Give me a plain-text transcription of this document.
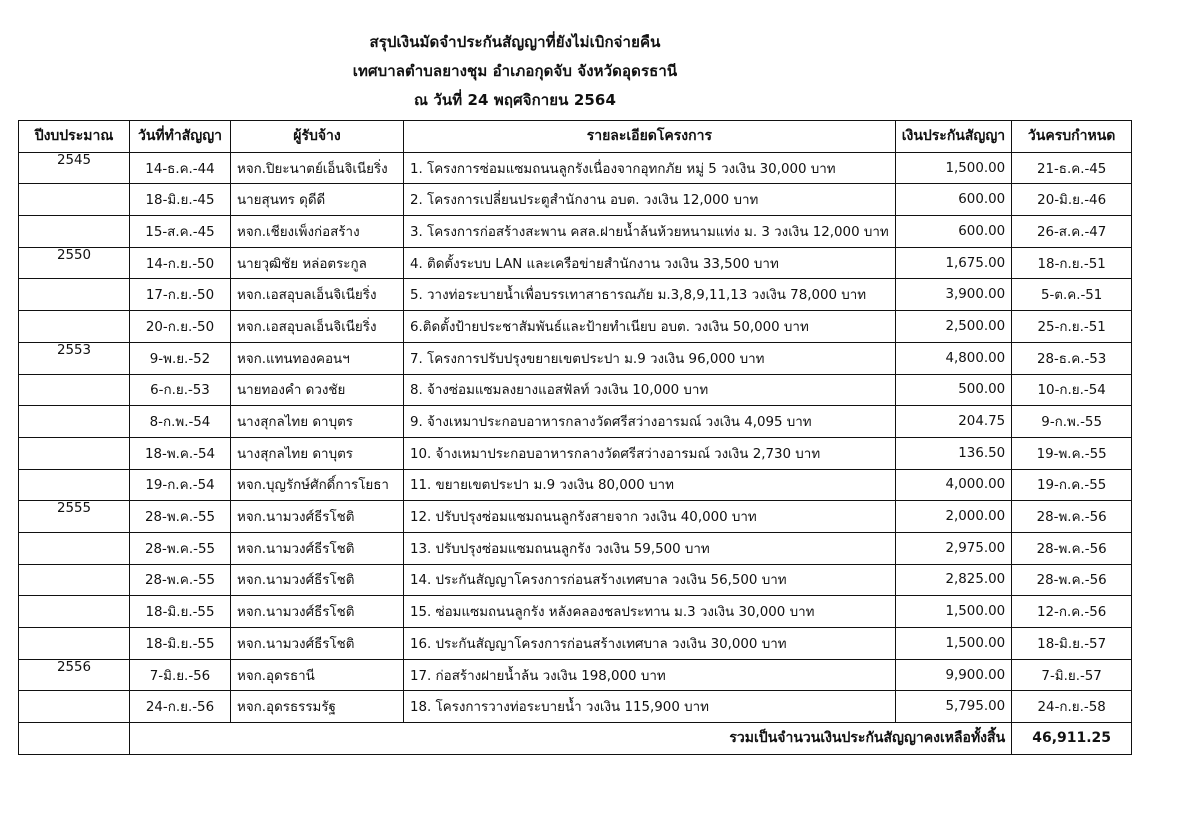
สรุปเงินมัดจำประกันสัญญาที่ยังไม่เบิกจ่ายคืน
เทศบาลตำบลยางชุม อำเภอกุดจับ จังหวัดอุดรธานี
ณ วันที่ 24 พฤศจิกายน 2564
ปีงบประมาณ	วันที่ทำสัญญา	ผู้รับจ้าง	รายละเอียดโครงการ	เงินประกันสัญญา	วันครบกำหนด
2545	14-ธ.ค.-44	หจก.ปิยะนาตย์เอ็นจิเนียริ่ง	1. โครงการซ่อมแซมถนนลูกรังเนื่องจากอุทกภัย หมู่ 5 วงเงิน 30,000 บาท	1,500.00	21-ธ.ค.-45
	18-มิ.ย.-45	นายสุนทร ดุดีดี	2. โครงการเปลี่ยนประตูสำนักงาน อบต. วงเงิน 12,000 บาท	600.00	20-มิ.ย.-46
	15-ส.ค.-45	หจก.เชียงเพ็งก่อสร้าง	3. โครงการก่อสร้างสะพาน คสล.ฝายน้ำล้นห้วยหนามแท่ง ม. 3 วงเงิน 12,000 บาท	600.00	26-ส.ค.-47
2550	14-ก.ย.-50	นายวุฒิชัย หล่อตระกูล	4. ติดตั้งระบบ LAN และเครือข่ายสำนักงาน วงเงิน 33,500 บาท	1,675.00	18-ก.ย.-51
	17-ก.ย.-50	หจก.เอสอุบลเอ็นจิเนียริ่ง	5. วางท่อระบายน้ำเพื่อบรรเทาสาธารณภัย ม.3,8,9,11,13 วงเงิน 78,000 บาท	3,900.00	5-ต.ค.-51
	20-ก.ย.-50	หจก.เอสอุบลเอ็นจิเนียริ่ง	6.ติดตั้งป้ายประชาสัมพันธ์และป้ายทำเนียบ อบต. วงเงิน 50,000 บาท	2,500.00	25-ก.ย.-51
2553	9-พ.ย.-52	หจก.แทนทองคอนฯ	7. โครงการปรับปรุงขยายเขตประปา ม.9 วงเงิน 96,000 บาท	4,800.00	28-ธ.ค.-53
	6-ก.ย.-53	นายทองคำ ดวงชัย	8. จ้างซ่อมแซมลงยางแอสฟัลท์ วงเงิน 10,000 บาท	500.00	10-ก.ย.-54
	8-ก.พ.-54	นางสุกลไทย ดาบุตร	9. จ้างเหมาประกอบอาหารกลางวัดศรีสว่างอารมณ์ วงเงิน 4,095 บาท	204.75	9-ก.พ.-55
	18-พ.ค.-54	นางสุกลไทย ดาบุตร	10. จ้างเหมาประกอบอาหารกลางวัดศรีสว่างอารมณ์ วงเงิน 2,730 บาท	136.50	19-พ.ค.-55
	19-ก.ค.-54	หจก.บุญรักษ์ศักดิ์การโยธา	11. ขยายเขตประปา ม.9 วงเงิน 80,000 บาท	4,000.00	19-ก.ค.-55
2555	28-พ.ค.-55	หจก.นามวงศ์ธีรโชติ	12. ปรับปรุงซ่อมแซมถนนลูกรังสายจาก วงเงิน 40,000 บาท	2,000.00	28-พ.ค.-56
	28-พ.ค.-55	หจก.นามวงศ์ธีรโชติ	13. ปรับปรุงซ่อมแซมถนนลูกรัง วงเงิน 59,500 บาท	2,975.00	28-พ.ค.-56
	28-พ.ค.-55	หจก.นามวงศ์ธีรโชติ	14. ประกันสัญญาโครงการก่อนสร้างเทศบาล วงเงิน 56,500 บาท	2,825.00	28-พ.ค.-56
	18-มิ.ย.-55	หจก.นามวงศ์ธีรโชติ	15. ซ่อมแซมถนนลูกรัง หลังคลองชลประทาน ม.3 วงเงิน 30,000 บาท	1,500.00	12-ก.ค.-56
	18-มิ.ย.-55	หจก.นามวงศ์ธีรโชติ	16. ประกันสัญญาโครงการก่อนสร้างเทศบาล วงเงิน 30,000 บาท	1,500.00	18-มิ.ย.-57
2556	7-มิ.ย.-56	หจก.อุดรธานี	17. ก่อสร้างฝายน้ำล้น วงเงิน 198,000 บาท	9,900.00	7-มิ.ย.-57
	24-ก.ย.-56	หจก.อุดรธรรมรัฐ	18. โครงการวางท่อระบายน้ำ วงเงิน 115,900 บาท	5,795.00	24-ก.ย.-58
	รวมเป็นจำนวนเงินประกันสัญญาคงเหลือทั้งสิ้น				46,911.25
